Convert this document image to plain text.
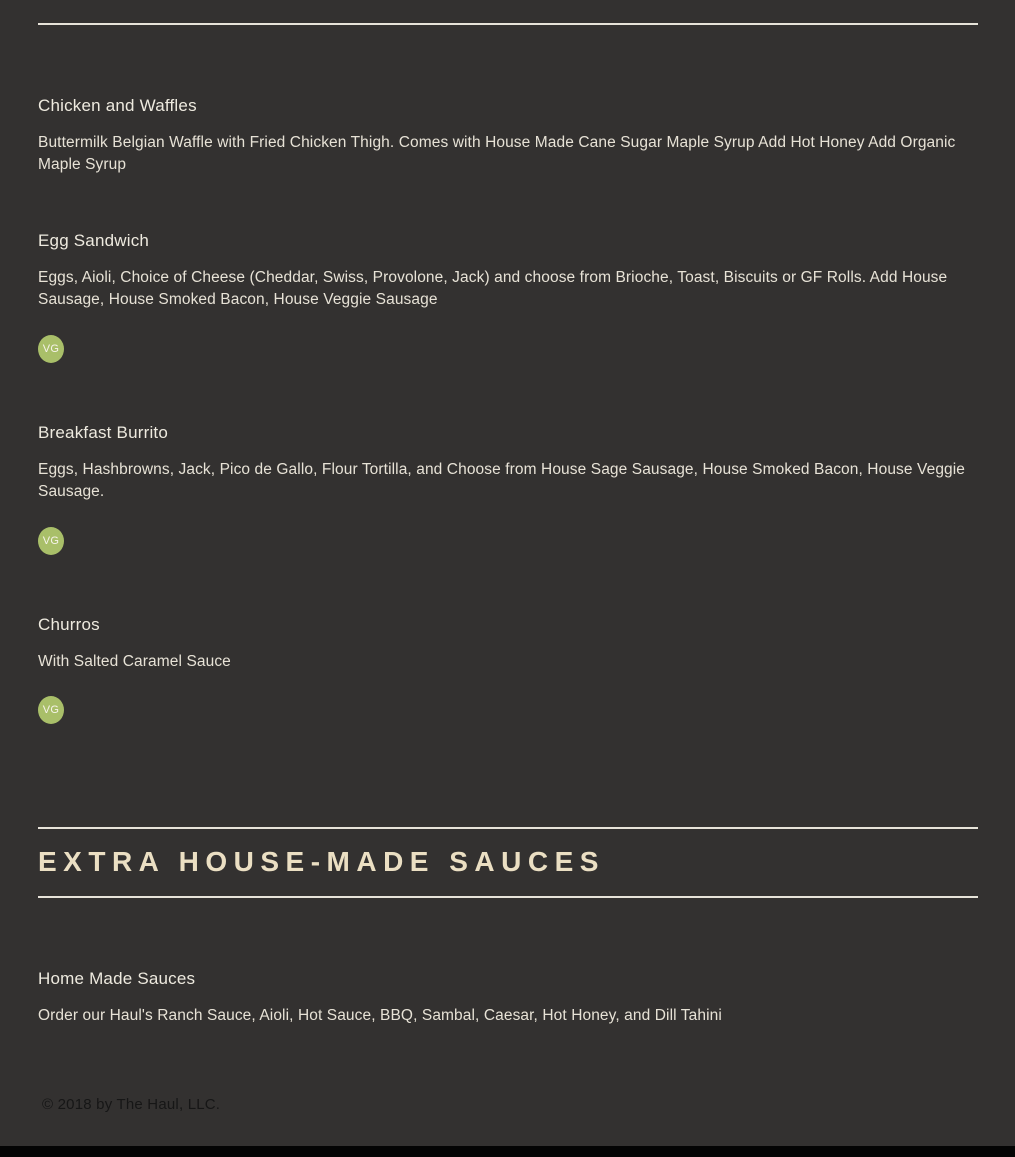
Chicken and Waffles
Buttermilk Belgian Waffle with Fried Chicken Thigh. Comes with House Made Cane Sugar Maple Syrup Add Hot Honey Add Organic Maple Syrup
Egg Sandwich
Eggs, Aioli, Choice of Cheese (Cheddar, Swiss, Provolone, Jack) and choose from Brioche, Toast, Biscuits or GF Rolls. Add House Sausage, House Smoked Bacon, House Veggie Sausage
VG
Breakfast Burrito
Eggs, Hashbrowns, Jack, Pico de Gallo, Flour Tortilla, and Choose from House Sage Sausage, House Smoked Bacon, House Veggie Sausage.
VG
Churros
With Salted Caramel Sauce
VG
EXTRA HOUSE-MADE SAUCES
Home Made Sauces
Order our Haul's Ranch Sauce, Aioli, Hot Sauce, BBQ, Sambal, Caesar, Hot Honey, and Dill Tahini
© 2018 by The Haul, LLC.
